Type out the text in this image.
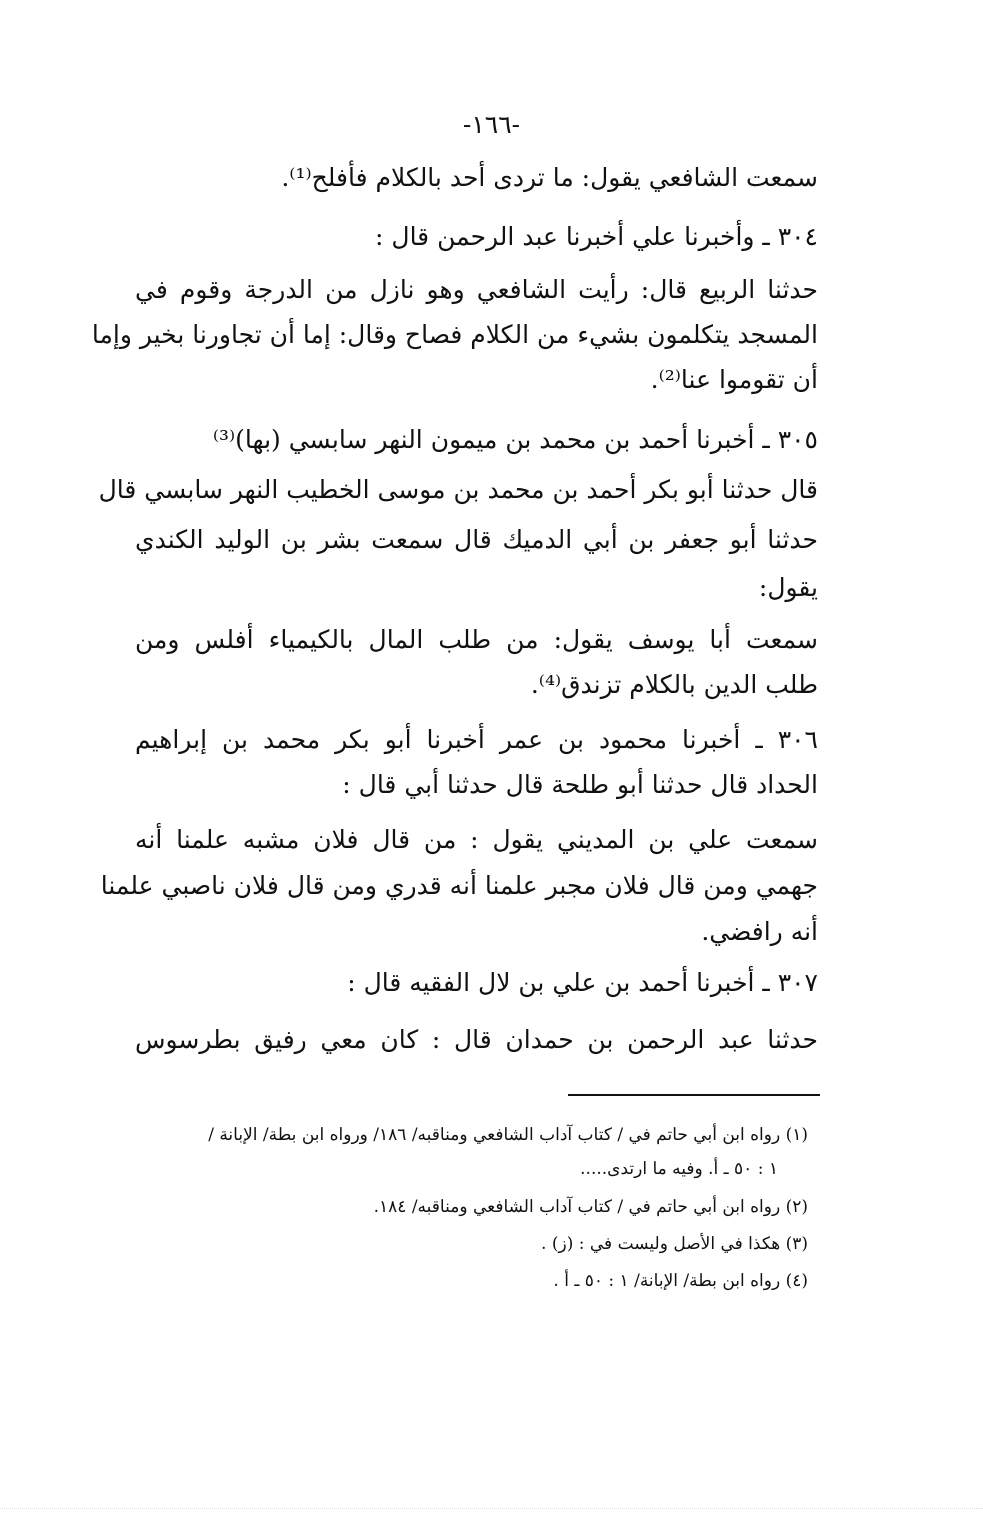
-١٦٦-
سمعت الشافعي يقول: ما تردى أحد بالكلام فأفلح⁽¹⁾.
٣٠٤ ـ وأخبرنا علي أخبرنا عبد الرحمن قال :
حدثنا الربيع قال: رأيت الشافعي وهو نازل من الدرجة وقوم في
المسجد يتكلمون بشيء من الكلام فصاح وقال: إما أن تجاورنا بخير وإما
أن تقوموا عنا⁽²⁾.
٣٠٥ ـ أخبرنا أحمد بن محمد بن ميمون النهر سابسي (بها)⁽³⁾
قال حدثنا أبو بكر أحمد بن محمد بن موسى الخطيب النهر سابسي قال
حدثنا أبو جعفر بن أبي الدميك قال سمعت بشر بن الوليد الكندي
يقول:
سمعت أبا يوسف يقول: من طلب المال بالكيمياء أفلس ومن
طلب الدين بالكلام تزندق⁽⁴⁾.
٣٠٦ ـ أخبرنا محمود بن عمر أخبرنا أبو بكر محمد بن إبراهيم
الحداد قال حدثنا أبو طلحة قال حدثنا أبي قال :
سمعت علي بن المديني يقول : من قال فلان مشبه علمنا أنه
جهمي ومن قال فلان مجبر علمنا أنه قدري ومن قال فلان ناصبي علمنا
أنه رافضي.
٣٠٧ ـ أخبرنا أحمد بن علي بن لال الفقيه قال :
حدثنا عبد الرحمن بن حمدان قال : كان معي رفيق بطرسوس
(١) رواه ابن أبي حاتم في / كتاب آداب الشافعي ومناقبه/ ١٨٦/ ورواه ابن بطة/ الإبانة /
١ : ٥٠ ـ أ. وفيه ما ارتدى.....
(٢) رواه ابن أبي حاتم في / كتاب آداب الشافعي ومناقبه/ ١٨٤.
(٣) هكذا في الأصل وليست في : (ز) .
(٤) رواه ابن بطة/ الإبانة/ ١ : ٥٠ ـ أ .
